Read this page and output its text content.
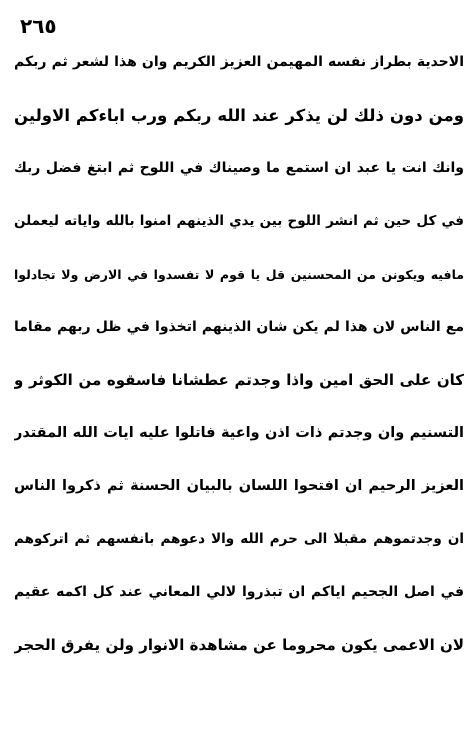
٢٦٥
الاحدية بطراز نفسه المهيمن العزيز الكريم وان هذا لشعر ثم ربكم
ومن دون ذلك لن يذكر عند الله ربكم ورب اباءكم الاولين
وانك انت يا عبد ان استمع ما وصيناك في اللوح ثم ابتغ فضل ربك
في كل حين ثم انشر اللوح بين يدي الذينهم امنوا بالله واياته ليعملن
مافيه ويكونن من المحسنين قل يا قوم لا تفسدوا في الارض ولا تجادلوا
مع الناس لان هذا لم يكن شان الذينهم اتخذوا في ظل ربهم مقاما
كان على الحق امين واذا وجدتم عطشانا فاسقوه من الكوثر و
التسنيم وان وجدتم ذات اذن واعية فاتلوا عليه ايات الله المقتدر
العزيز الرحيم ان افتحوا اللسان بالبيان الحسنة ثم ذكروا الناس
ان وجدتموهم مقبلا الى حرم الله والا دعوهم بانفسهم ثم اتركوهم
في اصل الجحيم اياكم ان تبذروا لالي المعاني عند كل اكمه عقيم
لان الاعمى يكون محروما عن مشاهدة الانوار ولن يفرق الحجر
